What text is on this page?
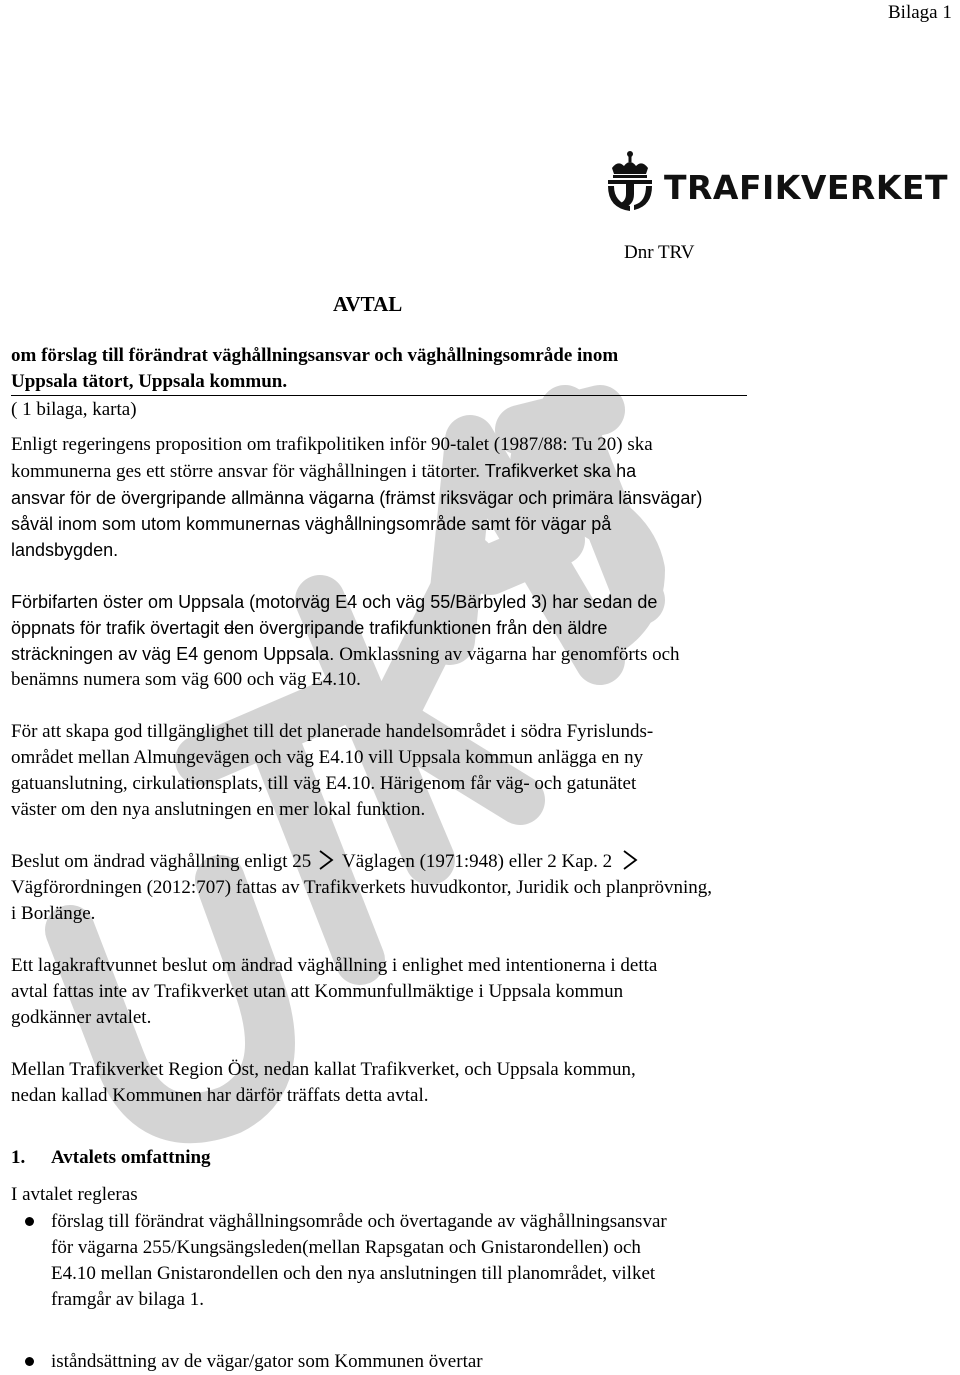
Bilaga 1
TRAFIKVERKET
Dnr TRV
AVTAL
om förslag till förändrat väghållningsansvar och väghållningsområde inom
Uppsala tätort, Uppsala kommun.
( 1 bilaga, karta)
Enligt regeringens proposition om trafikpolitiken inför 90-talet (1987/88: Tu 20) ska
kommunerna ges ett större ansvar för väghållningen i tätorter. Trafikverket ska ha
ansvar för de övergripande allmänna vägarna (främst riksvägar och primära länsvägar)
såväl inom som utom kommunernas väghållningsområde samt för vägar på
landsbygden.
Förbifarten öster om Uppsala (motorväg E4 och väg 55/Bärbyled 3) har sedan de
öppnats för trafik övertagit den övergripande trafikfunktionen från den äldre
sträckningen av väg E4 genom Uppsala. Omklassning av vägarna har genomförts och
benämns numera som väg 600 och väg E4.10.
För att skapa god tillgänglighet till det planerade handelsområdet i södra Fyrislunds-
området mellan Almungevägen och väg E4.10 vill Uppsala kommun anlägga en ny
gatuanslutning, cirkulationsplats, till väg E4.10. Härigenom får väg- och gatunätet
väster om den nya anslutningen en mer lokal funktion.
Beslut om ändrad väghållning enligt 25 Väglagen (1971:948) eller 2 Kap. 2
Vägförordningen (2012:707) fattas av Trafikverkets huvudkontor, Juridik och planprövning,
i Borlänge.
Ett lagakraftvunnet beslut om ändrad väghållning i enlighet med intentionerna i detta
avtal fattas inte av Trafikverket utan att Kommunfullmäktige i Uppsala kommun
godkänner avtalet.
Mellan Trafikverket Region Öst, nedan kallat Trafikverket, och Uppsala kommun,
nedan kallad Kommunen har därför träffats detta avtal.
1. Avtalets omfattning
I avtalet regleras
förslag till förändrat väghållningsområde och övertagande av väghållningsansvar
för vägarna 255/Kungsängsleden(mellan Rapsgatan och Gnistarondellen) och
E4.10 mellan Gnistarondellen och den nya anslutningen till planområdet, vilket
framgår av bilaga 1.
iståndsättning av de vägar/gator som Kommunen övertar
